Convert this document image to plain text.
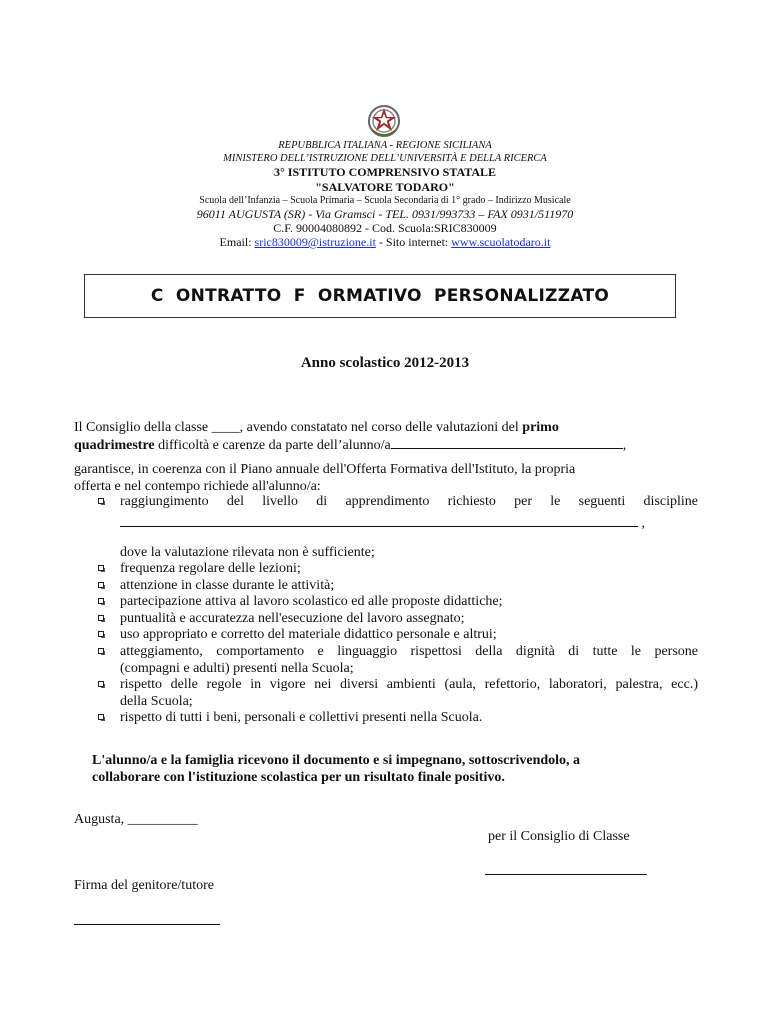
REPUBBLICA ITALIANA - REGIONE SICILIANA
MINISTERO DELL’ISTRUZIONE DELL’UNIVERSITÀ E DELLA RICERCA
3° ISTITUTO COMPRENSIVO STATALE
"SALVATORE TODARO"
Scuola dell’Infanzia – Scuola Primaria – Scuola Secondaria di 1° grado – Indirizzo Musicale
96011 AUGUSTA (SR) - Via Gramsci - TEL. 0931/993733 – FAX 0931/511970
C.F. 90004080892 - Cod. Scuola:SRIC830009
Email: sric830009@istruzione.it - Sito internet: www.scuolatodaro.it
C ONTRATTO F ORMATIVO PERSONALIZZATO
Anno scolastico 2012-2013
Il Consiglio della classe ____, avendo constatato nel corso delle valutazioni del primo
quadrimestre difficoltà e carenze da parte dell’alunno/a	,
garantisce, in coerenza con il Piano annuale dell'Offerta Formativa dell'Istituto, la propria
offerta e nel contempo richiede all'alunno/a:
raggiungimento del livello di apprendimento richiesto per le seguenti discipline
,
dove la valutazione rilevata non è sufficiente;
frequenza regolare delle lezioni;
attenzione in classe durante le attività;
partecipazione attiva al lavoro scolastico ed alle proposte didattiche;
puntualità e accuratezza nell'esecuzione del lavoro assegnato;
uso appropriato e corretto del materiale didattico personale e altrui;
atteggiamento, comportamento e linguaggio rispettosi della dignità di tutte le persone
(compagni e adulti) presenti nella Scuola;
rispetto delle regole in vigore nei diversi ambienti (aula, refettorio, laboratori, palestra, ecc.)
della Scuola;
rispetto di tutti i beni, personali e collettivi presenti nella Scuola.
L'alunno/a e la famiglia ricevono il documento e si impegnano, sottoscrivendolo, a
collaborare con l'istituzione scolastica per un risultato finale positivo.
Augusta, __________
per il Consiglio di Classe
Firma del genitore/tutore
